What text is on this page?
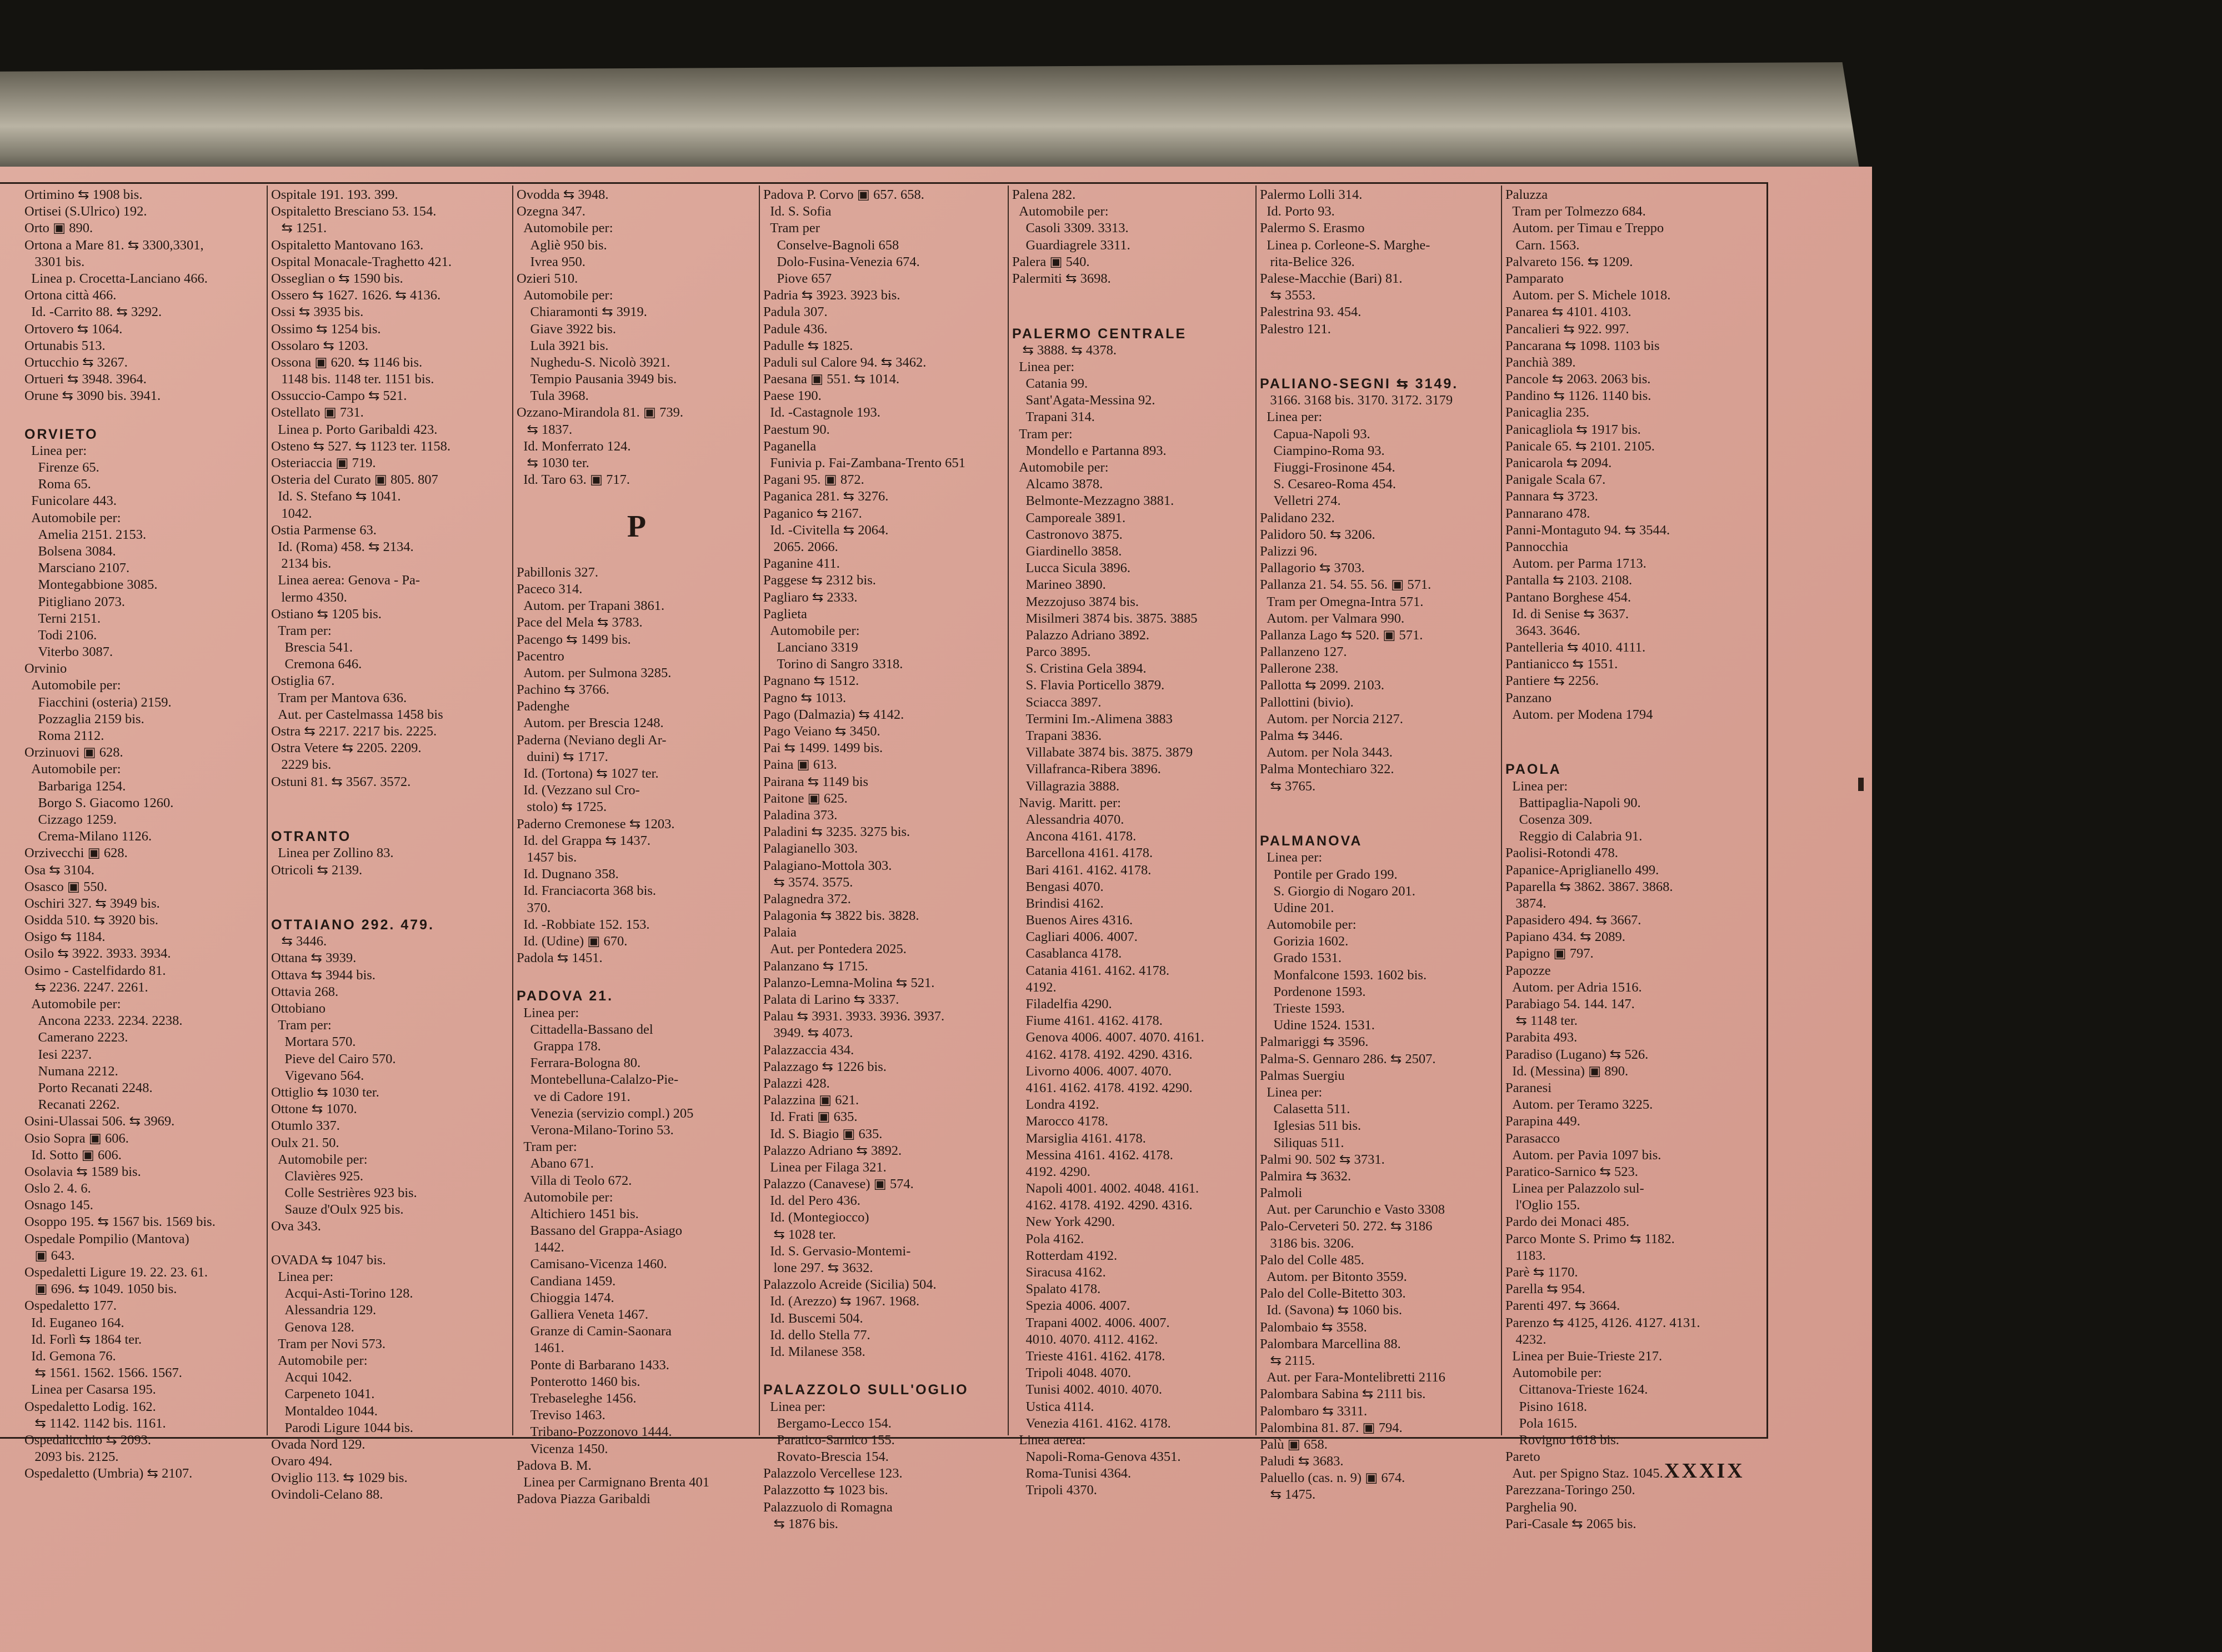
Ortimino ⇆ 1908 bis.
Ortisei (S.Ulrico) 192.
Orto ▣ 890.
Ortona a Mare 81. ⇆ 3300,3301,
3301 bis.
Linea p. Crocetta-Lanciano 466.
Ortona città 466.
Id. -Carrito 88. ⇆ 3292.
Ortovero ⇆ 1064.
Ortunabis 513.
Ortucchio ⇆ 3267.
Ortueri ⇆ 3948. 3964.
Orune ⇆ 3090 bis. 3941.
ORVIETO
Linea per:
Firenze 65.
Roma 65.
Funicolare 443.
Automobile per:
Amelia 2151. 2153.
Bolsena 3084.
Marsciano 2107.
Montegabbione 3085.
Pitigliano 2073.
Terni 2151.
Todi 2106.
Viterbo 3087.
Orvinio
Automobile per:
Fiacchini (osteria) 2159.
Pozzaglia 2159 bis.
Roma 2112.
Orzinuovi ▣ 628.
Automobile per:
Barbariga 1254.
Borgo S. Giacomo 1260.
Cizzago 1259.
Crema-Milano 1126.
Orzivecchi ▣ 628.
Osa ⇆ 3104.
Osasco ▣ 550.
Oschiri 327. ⇆ 3949 bis.
Osidda 510. ⇆ 3920 bis.
Osigo ⇆ 1184.
Osilo ⇆ 3922. 3933. 3934.
Osimo - Castelfidardo 81.
⇆ 2236. 2247. 2261.
Automobile per:
Ancona 2233. 2234. 2238.
Camerano 2223.
Iesi 2237.
Numana 2212.
Porto Recanati 2248.
Recanati 2262.
Osini-Ulassai 506. ⇆ 3969.
Osio Sopra ▣ 606.
Id. Sotto ▣ 606.
Osolavia ⇆ 1589 bis.
Oslo 2. 4. 6.
Osnago 145.
Osoppo 195. ⇆ 1567 bis. 1569 bis.
Ospedale Pompilio (Mantova)
▣ 643.
Ospedaletti Ligure 19. 22. 23. 61.
▣ 696. ⇆ 1049. 1050 bis.
Ospedaletto 177.
Id. Euganeo 164.
Id. Forlì ⇆ 1864 ter.
Id. Gemona 76.
⇆ 1561. 1562. 1566. 1567.
Linea per Casarsa 195.
Ospedaletto Lodig. 162.
⇆ 1142. 1142 bis. 1161.
Ospedalicchio ⇆ 2093.
2093 bis. 2125.
Ospedaletto (Umbria) ⇆ 2107.
Ospitale 191. 193. 399.
Ospitaletto Bresciano 53. 154.
⇆ 1251.
Ospitaletto Mantovano 163.
Ospital Monacale-Traghetto 421.
Osseglian o ⇆ 1590 bis.
Ossero ⇆ 1627. 1626. ⇆ 4136.
Ossi ⇆ 3935 bis.
Ossimo ⇆ 1254 bis.
Ossolaro ⇆ 1203.
Ossona ▣ 620. ⇆ 1146 bis.
1148 bis. 1148 ter. 1151 bis.
Ossuccio-Campo ⇆ 521.
Ostellato ▣ 731.
Linea p. Porto Garibaldi 423.
Osteno ⇆ 527. ⇆ 1123 ter. 1158.
Osteriaccia ▣ 719.
Osteria del Curato ▣ 805. 807
Id. S. Stefano ⇆ 1041.
1042.
Ostia Parmense 63.
Id. (Roma) 458. ⇆ 2134.
2134 bis.
Linea aerea: Genova - Pa-
lermo 4350.
Ostiano ⇆ 1205 bis.
Tram per:
Brescia 541.
Cremona 646.
Ostiglia 67.
Tram per Mantova 636.
Aut. per Castelmassa 1458 bis
Ostra ⇆ 2217. 2217 bis. 2225.
Ostra Vetere ⇆ 2205. 2209.
2229 bis.
Ostuni 81. ⇆ 3567. 3572.
OTRANTO
Linea per Zollino 83.
Otricoli ⇆ 2139.
OTTAIANO 292. 479.
⇆ 3446.
Ottana ⇆ 3939.
Ottava ⇆ 3944 bis.
Ottavia 268.
Ottobiano
Tram per:
Mortara 570.
Pieve del Cairo 570.
Vigevano 564.
Ottiglio ⇆ 1030 ter.
Ottone ⇆ 1070.
Otumlo 337.
Oulx 21. 50.
Automobile per:
Clavières 925.
Colle Sestrières 923 bis.
Sauze d'Oulx 925 bis.
Ova 343.
OVADA ⇆ 1047 bis.
Linea per:
Acqui-Asti-Torino 128.
Alessandria 129.
Genova 128.
Tram per Novi 573.
Automobile per:
Acqui 1042.
Carpeneto 1041.
Montaldeo 1044.
Parodi Ligure 1044 bis.
Ovada Nord 129.
Ovaro 494.
Oviglio 113. ⇆ 1029 bis.
Ovindoli-Celano 88.
Ovodda ⇆ 3948.
Ozegna 347.
Automobile per:
Agliè 950 bis.
Ivrea 950.
Ozieri 510.
Automobile per:
Chiaramonti ⇆ 3919.
Giave 3922 bis.
Lula 3921 bis.
Nughedu-S. Nicolò 3921.
Tempio Pausania 3949 bis.
Tula 3968.
Ozzano-Mirandola 81. ▣ 739.
⇆ 1837.
Id. Monferrato 124.
⇆ 1030 ter.
Id. Taro 63. ▣ 717.
P
Pabillonis 327.
Paceco 314.
Autom. per Trapani 3861.
Pace del Mela ⇆ 3783.
Pacengo ⇆ 1499 bis.
Pacentro
Autom. per Sulmona 3285.
Pachino ⇆ 3766.
Padenghe
Autom. per Brescia 1248.
Paderna (Neviano degli Ar-
duini) ⇆ 1717.
Id. (Tortona) ⇆ 1027 ter.
Id. (Vezzano sul Cro-
stolo) ⇆ 1725.
Paderno Cremonese ⇆ 1203.
Id. del Grappa ⇆ 1437.
1457 bis.
Id. Dugnano 358.
Id. Franciacorta 368 bis.
370.
Id. -Robbiate 152. 153.
Id. (Udine) ▣ 670.
Padola ⇆ 1451.
PADOVA 21.
Linea per:
Cittadella-Bassano del
Grappa 178.
Ferrara-Bologna 80.
Montebelluna-Calalzo-Pie-
ve di Cadore 191.
Venezia (servizio compl.) 205
Verona-Milano-Torino 53.
Tram per:
Abano 671.
Villa di Teolo 672.
Automobile per:
Altichiero 1451 bis.
Bassano del Grappa-Asiago
1442.
Camisano-Vicenza 1460.
Candiana 1459.
Chioggia 1474.
Galliera Veneta 1467.
Granze di Camin-Saonara
1461.
Ponte di Barbarano 1433.
Ponterotto 1460 bis.
Trebaseleghe 1456.
Treviso 1463.
Tribano-Pozzonovo 1444.
Vicenza 1450.
Padova B. M.
Linea per Carmignano Brenta 401
Padova Piazza Garibaldi
Padova P. Corvo ▣ 657. 658.
Id. S. Sofia
Tram per
Conselve-Bagnoli 658
Dolo-Fusina-Venezia 674.
Piove 657
Padria ⇆ 3923. 3923 bis.
Padula 307.
Padule 436.
Padulle ⇆ 1825.
Paduli sul Calore 94. ⇆ 3462.
Paesana ▣ 551. ⇆ 1014.
Paese 190.
Id. -Castagnole 193.
Paestum 90.
Paganella
Funivia p. Fai-Zambana-Trento 651
Pagani 95. ▣ 872.
Paganica 281. ⇆ 3276.
Paganico ⇆ 2167.
Id. -Civitella ⇆ 2064.
2065. 2066.
Paganine 411.
Paggese ⇆ 2312 bis.
Pagliaro ⇆ 2333.
Paglieta
Automobile per:
Lanciano 3319
Torino di Sangro 3318.
Pagnano ⇆ 1512.
Pagno ⇆ 1013.
Pago (Dalmazia) ⇆ 4142.
Pago Veiano ⇆ 3450.
Pai ⇆ 1499. 1499 bis.
Paina ▣ 613.
Pairana ⇆ 1149 bis
Paitone ▣ 625.
Paladina 373.
Paladini ⇆ 3235. 3275 bis.
Palagianello 303.
Palagiano-Mottola 303.
⇆ 3574. 3575.
Palagnedra 372.
Palagonia ⇆ 3822 bis. 3828.
Palaia
Aut. per Pontedera 2025.
Palanzano ⇆ 1715.
Palanzo-Lemna-Molina ⇆ 521.
Palata di Larino ⇆ 3337.
Palau ⇆ 3931. 3933. 3936. 3937.
3949. ⇆ 4073.
Palazzaccia 434.
Palazzago ⇆ 1226 bis.
Palazzi 428.
Palazzina ▣ 621.
Id. Frati ▣ 635.
Id. S. Biagio ▣ 635.
Palazzo Adriano ⇆ 3892.
Linea per Filaga 321.
Palazzo (Canavese) ▣ 574.
Id. del Pero 436.
Id. (Montegiocco)
⇆ 1028 ter.
Id. S. Gervasio-Montemi-
lone 297. ⇆ 3632.
Palazzolo Acreide (Sicilia) 504.
Id. (Arezzo) ⇆ 1967. 1968.
Id. Buscemi 504.
Id. dello Stella 77.
Id. Milanese 358.
PALAZZOLO SULL'OGLIO
Linea per:
Bergamo-Lecco 154.
Paratico-Sarnico 155.
Rovato-Brescia 154.
Palazzolo Vercellese 123.
Palazzotto ⇆ 1023 bis.
Palazzuolo di Romagna
⇆ 1876 bis.
Palena 282.
Automobile per:
Casoli 3309. 3313.
Guardiagrele 3311.
Palera ▣ 540.
Palermiti ⇆ 3698.
PALERMO CENTRALE
⇆ 3888. ⇆ 4378.
Linea per:
Catania 99.
Sant'Agata-Messina 92.
Trapani 314.
Tram per:
Mondello e Partanna 893.
Automobile per:
Alcamo 3878.
Belmonte-Mezzagno 3881.
Camporeale 3891.
Castronovo 3875.
Giardinello 3858.
Lucca Sicula 3896.
Marineo 3890.
Mezzojuso 3874 bis.
Misilmeri 3874 bis. 3875. 3885
Palazzo Adriano 3892.
Parco 3895.
S. Cristina Gela 3894.
S. Flavia Porticello 3879.
Sciacca 3897.
Termini Im.-Alimena 3883
Trapani 3836.
Villabate 3874 bis. 3875. 3879
Villafranca-Ribera 3896.
Villagrazia 3888.
Navig. Maritt. per:
Alessandria 4070.
Ancona 4161. 4178.
Barcellona 4161. 4178.
Bari 4161. 4162. 4178.
Bengasi 4070.
Brindisi 4162.
Buenos Aires 4316.
Cagliari 4006. 4007.
Casablanca 4178.
Catania 4161. 4162. 4178.
4192.
Filadelfia 4290.
Fiume 4161. 4162. 4178.
Genova 4006. 4007. 4070. 4161.
4162. 4178. 4192. 4290. 4316.
Livorno 4006. 4007. 4070.
4161. 4162. 4178. 4192. 4290.
Londra 4192.
Marocco 4178.
Marsiglia 4161. 4178.
Messina 4161. 4162. 4178.
4192. 4290.
Napoli 4001. 4002. 4048. 4161.
4162. 4178. 4192. 4290. 4316.
New York 4290.
Pola 4162.
Rotterdam 4192.
Siracusa 4162.
Spalato 4178.
Spezia 4006. 4007.
Trapani 4002. 4006. 4007.
4010. 4070. 4112. 4162.
Trieste 4161. 4162. 4178.
Tripoli 4048. 4070.
Tunisi 4002. 4010. 4070.
Ustica 4114.
Venezia 4161. 4162. 4178.
Linea aerea:
Napoli-Roma-Genova 4351.
Roma-Tunisi 4364.
Tripoli 4370.
Palermo Lolli 314.
Id. Porto 93.
Palermo S. Erasmo
Linea p. Corleone-S. Marghe-
rita-Belice 326.
Palese-Macchie (Bari) 81.
⇆ 3553.
Palestrina 93. 454.
Palestro 121.
PALIANO-SEGNI ⇆ 3149.
3166. 3168 bis. 3170. 3172. 3179
Linea per:
Capua-Napoli 93.
Ciampino-Roma 93.
Fiuggi-Frosinone 454.
S. Cesareo-Roma 454.
Velletri 274.
Palidano 232.
Palidoro 50. ⇆ 3206.
Palizzi 96.
Pallagorio ⇆ 3703.
Pallanza 21. 54. 55. 56. ▣ 571.
Tram per Omegna-Intra 571.
Autom. per Valmara 990.
Pallanza Lago ⇆ 520. ▣ 571.
Pallanzeno 127.
Pallerone 238.
Pallotta ⇆ 2099. 2103.
Pallottini (bivio).
Autom. per Norcia 2127.
Palma ⇆ 3446.
Autom. per Nola 3443.
Palma Montechiaro 322.
⇆ 3765.
PALMANOVA
Linea per:
Pontile per Grado 199.
S. Giorgio di Nogaro 201.
Udine 201.
Automobile per:
Gorizia 1602.
Grado 1531.
Monfalcone 1593. 1602 bis.
Pordenone 1593.
Trieste 1593.
Udine 1524. 1531.
Palmariggi ⇆ 3596.
Palma-S. Gennaro 286. ⇆ 2507.
Palmas Suergiu
Linea per:
Calasetta 511.
Iglesias 511 bis.
Siliquas 511.
Palmi 90. 502 ⇆ 3731.
Palmira ⇆ 3632.
Palmoli
Aut. per Carunchio e Vasto 3308
Palo-Cerveteri 50. 272. ⇆ 3186
3186 bis. 3206.
Palo del Colle 485.
Autom. per Bitonto 3559.
Palo del Colle-Bitetto 303.
Id. (Savona) ⇆ 1060 bis.
Palombaio ⇆ 3558.
Palombara Marcellina 88.
⇆ 2115.
Aut. per Fara-Montelibretti 2116
Palombara Sabina ⇆ 2111 bis.
Palombaro ⇆ 3311.
Palombina 81. 87. ▣ 794.
Palù ▣ 658.
Paludi ⇆ 3683.
Paluello (cas. n. 9) ▣ 674.
⇆ 1475.
Paluzza
Tram per Tolmezzo 684.
Autom. per Timau e Treppo
Carn. 1563.
Palvareto 156. ⇆ 1209.
Pamparato
Autom. per S. Michele 1018.
Panarea ⇆ 4101. 4103.
Pancalieri ⇆ 922. 997.
Pancarana ⇆ 1098. 1103 bis
Panchià 389.
Pancole ⇆ 2063. 2063 bis.
Pandino ⇆ 1126. 1140 bis.
Panicaglia 235.
Panicagliola ⇆ 1917 bis.
Panicale 65. ⇆ 2101. 2105.
Panicarola ⇆ 2094.
Panigale Scala 67.
Pannara ⇆ 3723.
Pannarano 478.
Panni-Montaguto 94. ⇆ 3544.
Pannocchia
Autom. per Parma 1713.
Pantalla ⇆ 2103. 2108.
Pantano Borghese 454.
Id. di Senise ⇆ 3637.
3643. 3646.
Pantelleria ⇆ 4010. 4111.
Pantianicco ⇆ 1551.
Pantiere ⇆ 2256.
Panzano
Autom. per Modena 1794
PAOLA
Linea per:
Battipaglia-Napoli 90.
Cosenza 309.
Reggio di Calabria 91.
Paolisi-Rotondi 478.
Papanice-Apriglianello 499.
Paparella ⇆ 3862. 3867. 3868.
3874.
Papasidero 494. ⇆ 3667.
Papiano 434. ⇆ 2089.
Papigno ▣ 797.
Papozze
Autom. per Adria 1516.
Parabiago 54. 144. 147.
⇆ 1148 ter.
Parabita 493.
Paradiso (Lugano) ⇆ 526.
Id. (Messina) ▣ 890.
Paranesi
Autom. per Teramo 3225.
Parapina 449.
Parasacco
Autom. per Pavia 1097 bis.
Paratico-Sarnico ⇆ 523.
Linea per Palazzolo sul-
l'Oglio 155.
Pardo dei Monaci 485.
Parco Monte S. Primo ⇆ 1182.
1183.
Parè ⇆ 1170.
Parella ⇆ 954.
Parenti 497. ⇆ 3664.
Parenzo ⇆ 4125, 4126. 4127. 4131.
4232.
Linea per Buie-Trieste 217.
Automobile per:
Cittanova-Trieste 1624.
Pisino 1618.
Pola 1615.
Rovigno 1618 bis.
Pareto
Aut. per Spigno Staz. 1045.
Parezzana-Toringo 250.
Parghelia 90.
Pari-Casale ⇆ 2065 bis.
XXXIX
